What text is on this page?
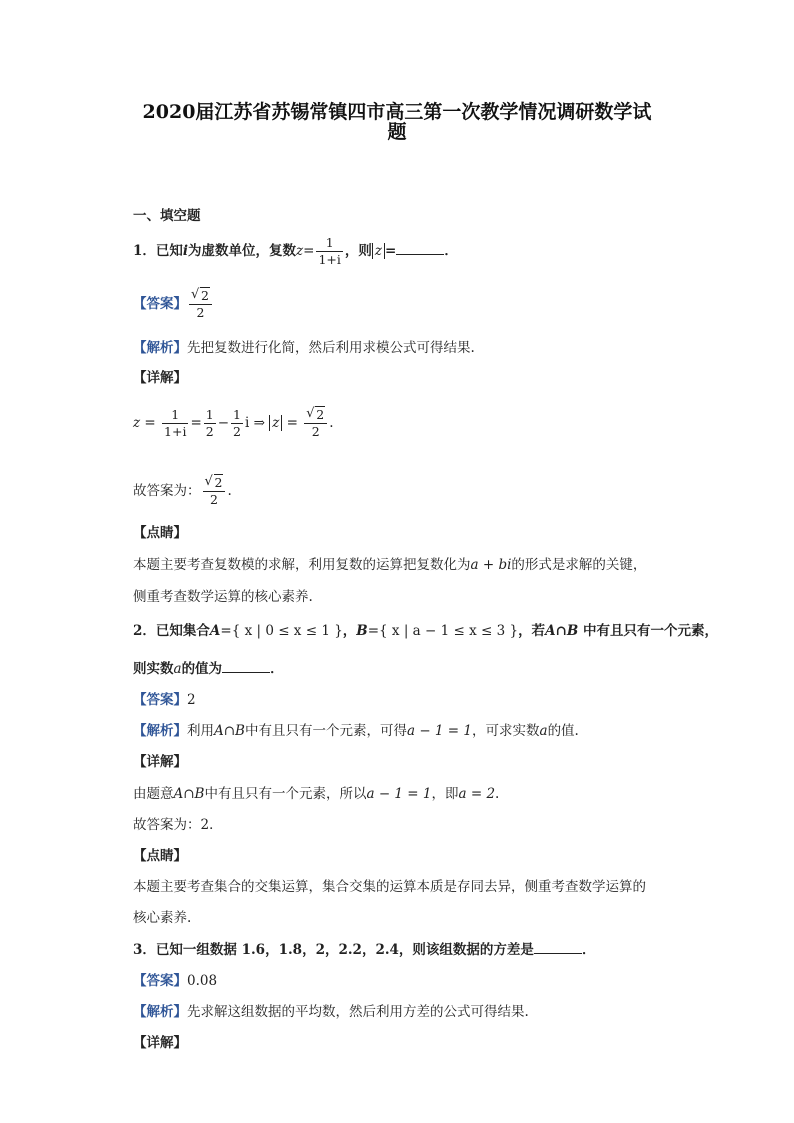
2020届江苏省苏锡常镇四市高三第一次教学情况调研数学试
题
一、填空题
1．已知i为虚数单位，复数$z= \frac{1}{1+i}$ ，则 z =	．
【答案】 √ $\frac{2}{2}$
【解析】先把复数进行化简，然后利用求模公式可得结果.
【详解】
$z = \frac{1}{1+i} = \frac{1}{2} - \frac{1}{2}$ i ⇒ z = √ $\frac{2}{2}$ .
故答案为： √ $\frac{2}{2}$ .
【点睛】
本题主要考查复数模的求解，利用复数的运算把复数化为a + bi的形式是求解的关键，
侧重考查数学运算的核心素养.
2．已知集合A={ x | 0 ≤ x ≤ 1 }，B={ x | a − 1 ≤ x ≤ 3 }，若A∩B 中有且只有一个元素，
则实数a的值为	．
【答案】2
【解析】利用A∩B中有且只有一个元素，可得a − 1 = 1，可求实数a的值.
【详解】
由题意A∩B中有且只有一个元素，所以a − 1 = 1，即a = 2.
故答案为：2．
【点睛】
本题主要考查集合的交集运算，集合交集的运算本质是存同去异，侧重考查数学运算的
核心素养.
3．已知一组数据 1.6，1.8，2，2.2，2.4，则该组数据的方差是	．
【答案】0.08
【解析】先求解这组数据的平均数，然后利用方差的公式可得结果.
【详解】
